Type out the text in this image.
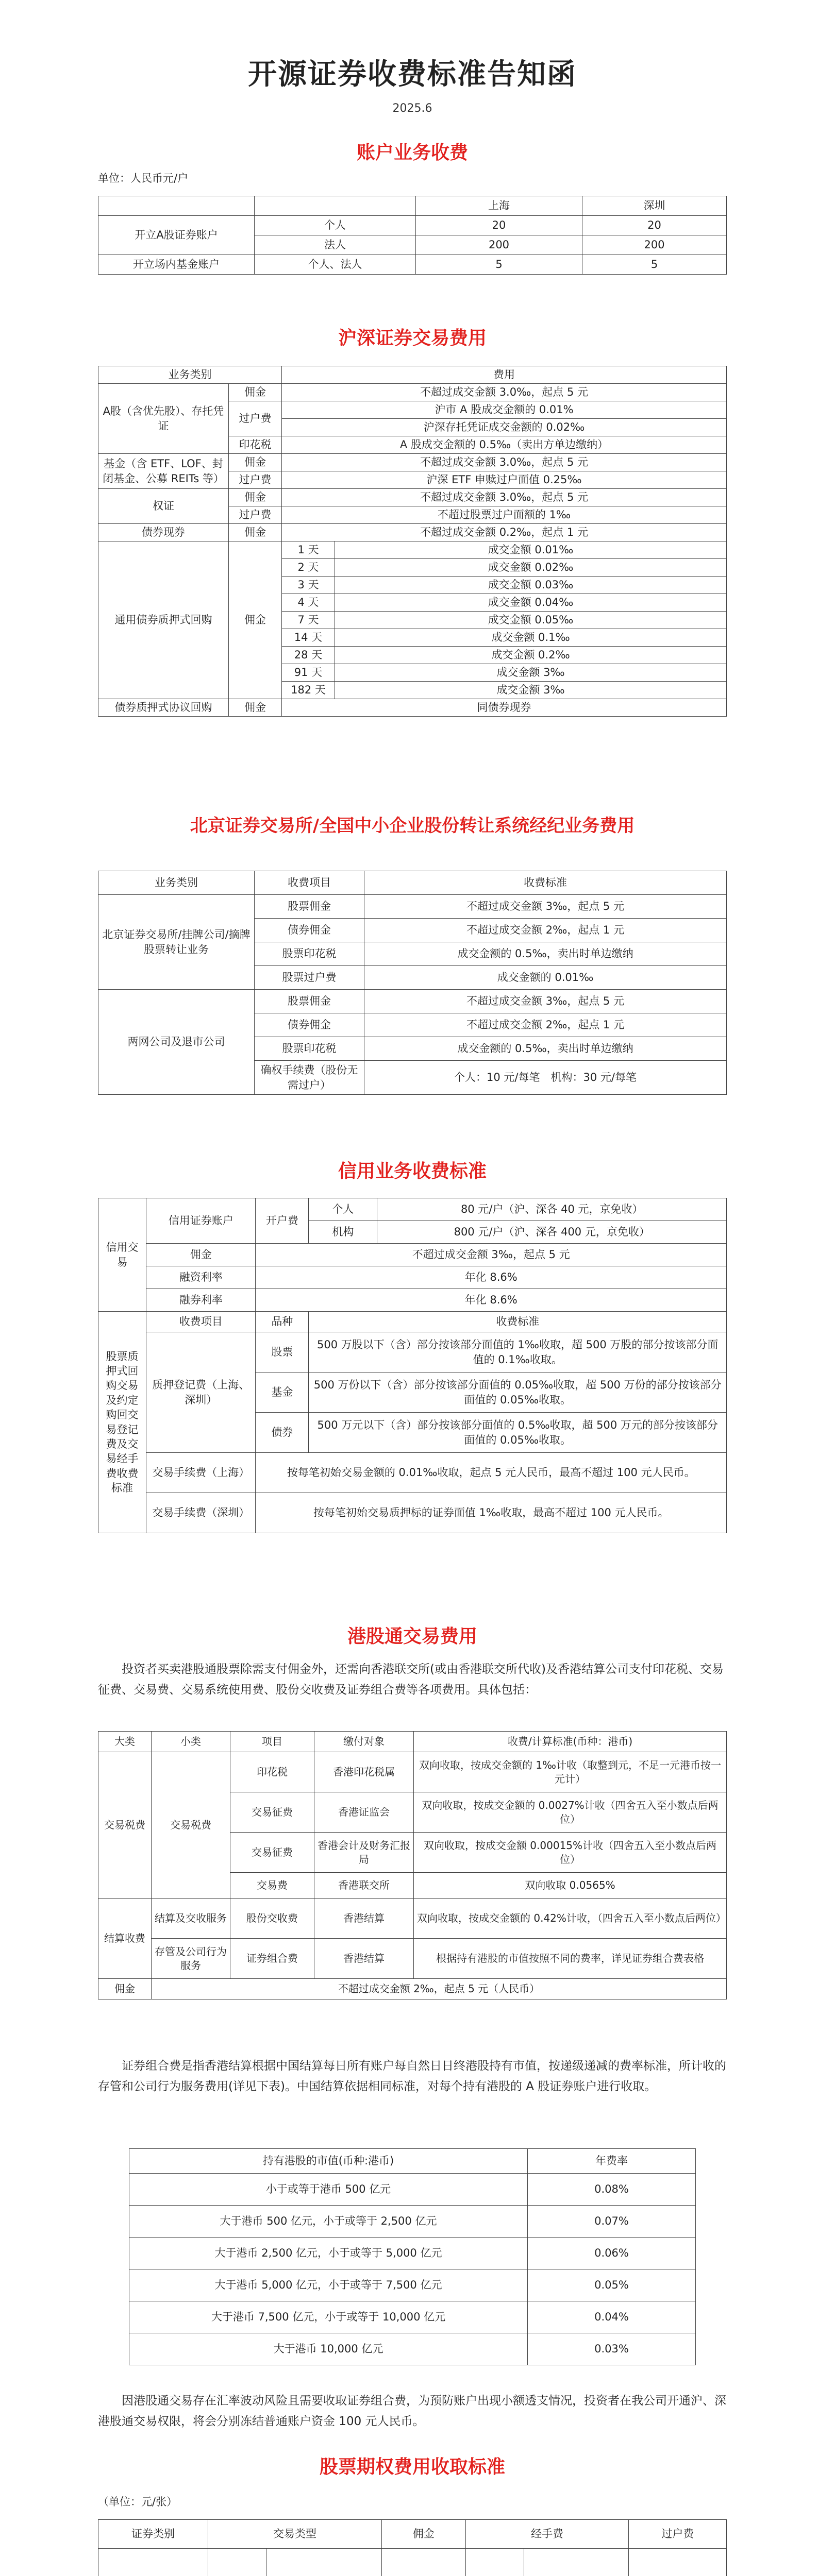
开源证券收费标准告知函
2025.6
账户业务收费
单位：人民币元/户
		上海	深圳
开立A股证券账户	个人	20	20
	法人	200	200
开立场内基金账户	个人、法人	5	5
沪深证券交易费用
业务类别		费用	
A股（含优先股）、存托凭证	佣金	不超过成交金额 3.0‰，起点 5 元	
	过户费	沪市 A 股成交金额的 0.01%	
		沪深存托凭证成交金额的 0.02‰	
	印花税	A 股成交金额的 0.5‰（卖出方单边缴纳）	
基金（含 ETF、LOF、封闭基金、公募 REITs 等）	佣金	不超过成交金额 3.0‰，起点 5 元	
	过户费	沪深 ETF 申赎过户面值 0.25‰	
权证	佣金	不超过成交金额 3.0‰，起点 5 元	
	过户费	不超过股票过户面额的 1‰	
债券现券	佣金	不超过成交金额 0.2‰，起点 1 元	
通用债券质押式回购	佣金	1 天	成交金额 0.01‰
		2 天	成交金额 0.02‰
		3 天	成交金额 0.03‰
		4 天	成交金额 0.04‰
		7 天	成交金额 0.05‰
		14 天	成交金额 0.1‰
		28 天	成交金额 0.2‰
		91 天	成交金额 3‰
		182 天	成交金额 3‰
债券质押式协议回购	佣金	同债券现券	
北京证券交易所/全国中小企业股份转让系统经纪业务费用
业务类别	收费项目	收费标准
北京证券交易所/挂牌公司/摘牌股票转让业务	股票佣金	不超过成交金额 3‰，起点 5 元
	债券佣金	不超过成交金额 2‰，起点 1 元
	股票印花税	成交金额的 0.5‰，卖出时单边缴纳
	股票过户费	成交金额的 0.01‰
两网公司及退市公司	股票佣金	不超过成交金额 3‰，起点 5 元
	债券佣金	不超过成交金额 2‰，起点 1 元
	股票印花税	成交金额的 0.5‰，卖出时单边缴纳
	确权手续费（股份无需过户）	个人：10 元/每笔　机构：30 元/每笔
信用业务收费标准
信用交易	信用证券账户	开户费	个人	80 元/户（沪、深各 40 元，京免收）
			机构	800 元/户（沪、深各 400 元，京免收）
	佣金	不超过成交金额 3‰，起点 5 元		
	融资利率	年化 8.6%		
	融券利率	年化 8.6%		
股票质押式回购交易及约定购回交易登记费及交易经手费收费标准	收费项目	品种	收费标准	
	质押登记费（上海、深圳）	股票	500 万股以下（含）部分按该部分面值的 1‰收取，超 500 万股的部分按该部分面值的 0.1‰收取。	
		基金	500 万份以下（含）部分按该部分面值的 0.05‰收取，超 500 万份的部分按该部分面值的 0.05‰收取。	
		债券	500 万元以下（含）部分按该部分面值的 0.5‰收取，超 500 万元的部分按该部分面值的 0.05‰收取。	
	交易手续费（上海）	按每笔初始交易金额的 0.01‰收取，起点 5 元人民币，最高不超过 100 元人民币。		
	交易手续费（深圳）	按每笔初始交易质押标的证券面值 1‰收取，最高不超过 100 元人民币。		
港股通交易费用
投资者买卖港股通股票除需支付佣金外，还需向香港联交所(或由香港联交所代收)及香港结算公司支付印花税、交易征费、交易费、交易系统使用费、股份交收费及证券组合费等各项费用。具体包括：
大类	小类	项目	缴付对象	收费/计算标准(币种：港币)
交易税费	交易税费	印花税	香港印花税属	双向收取，按成交金额的 1‰计收（取整到元，不足一元港币按一元计）
		交易征费	香港证监会	双向收取，按成交金额的 0.0027%计收（四舍五入至小数点后两位）
		交易征费	香港会计及财务汇报局	双向收取，按成交金额 0.00015%计收（四舍五入至小数点后两位）
		交易费	香港联交所	双向收取 0.0565%
结算收费	结算及交收服务	股份交收费	香港结算	双向收取，按成交金额的 0.42%计收，（四舍五入至小数点后两位）
	存管及公司行为服务	证券组合费	香港结算	根据持有港股的市值按照不同的费率，详见证券组合费表格
佣金	不超过成交金额 2‰，起点 5 元（人民币）			
证券组合费是指香港结算根据中国结算每日所有账户每自然日日终港股持有市值，按递级递减的费率标准，所计收的存管和公司行为服务费用(详见下表)。中国结算依据相同标准，对每个持有港股的 A 股证券账户进行收取。
持有港股的市值(币种:港币)	年费率
小于或等于港币 500 亿元	0.08%
大于港币 500 亿元，小于或等于 2,500 亿元	0.07%
大于港币 2,500 亿元，小于或等于 5,000 亿元	0.06%
大于港币 5,000 亿元，小于或等于 7,500 亿元	0.05%
大于港币 7,500 亿元，小于或等于 10,000 亿元	0.04%
大于港币 10,000 亿元	0.03%
因港股通交易存在汇率波动风险且需要收取证券组合费，为预防账户出现小额透支情况，投资者在我公司开通沪、深港股通交易权限，将会分别冻结普通账户资金 100 元人民币。
股票期权费用收取标准
（单位：元/张）
证券类别	交易类型		佣金	经手费		过户费
